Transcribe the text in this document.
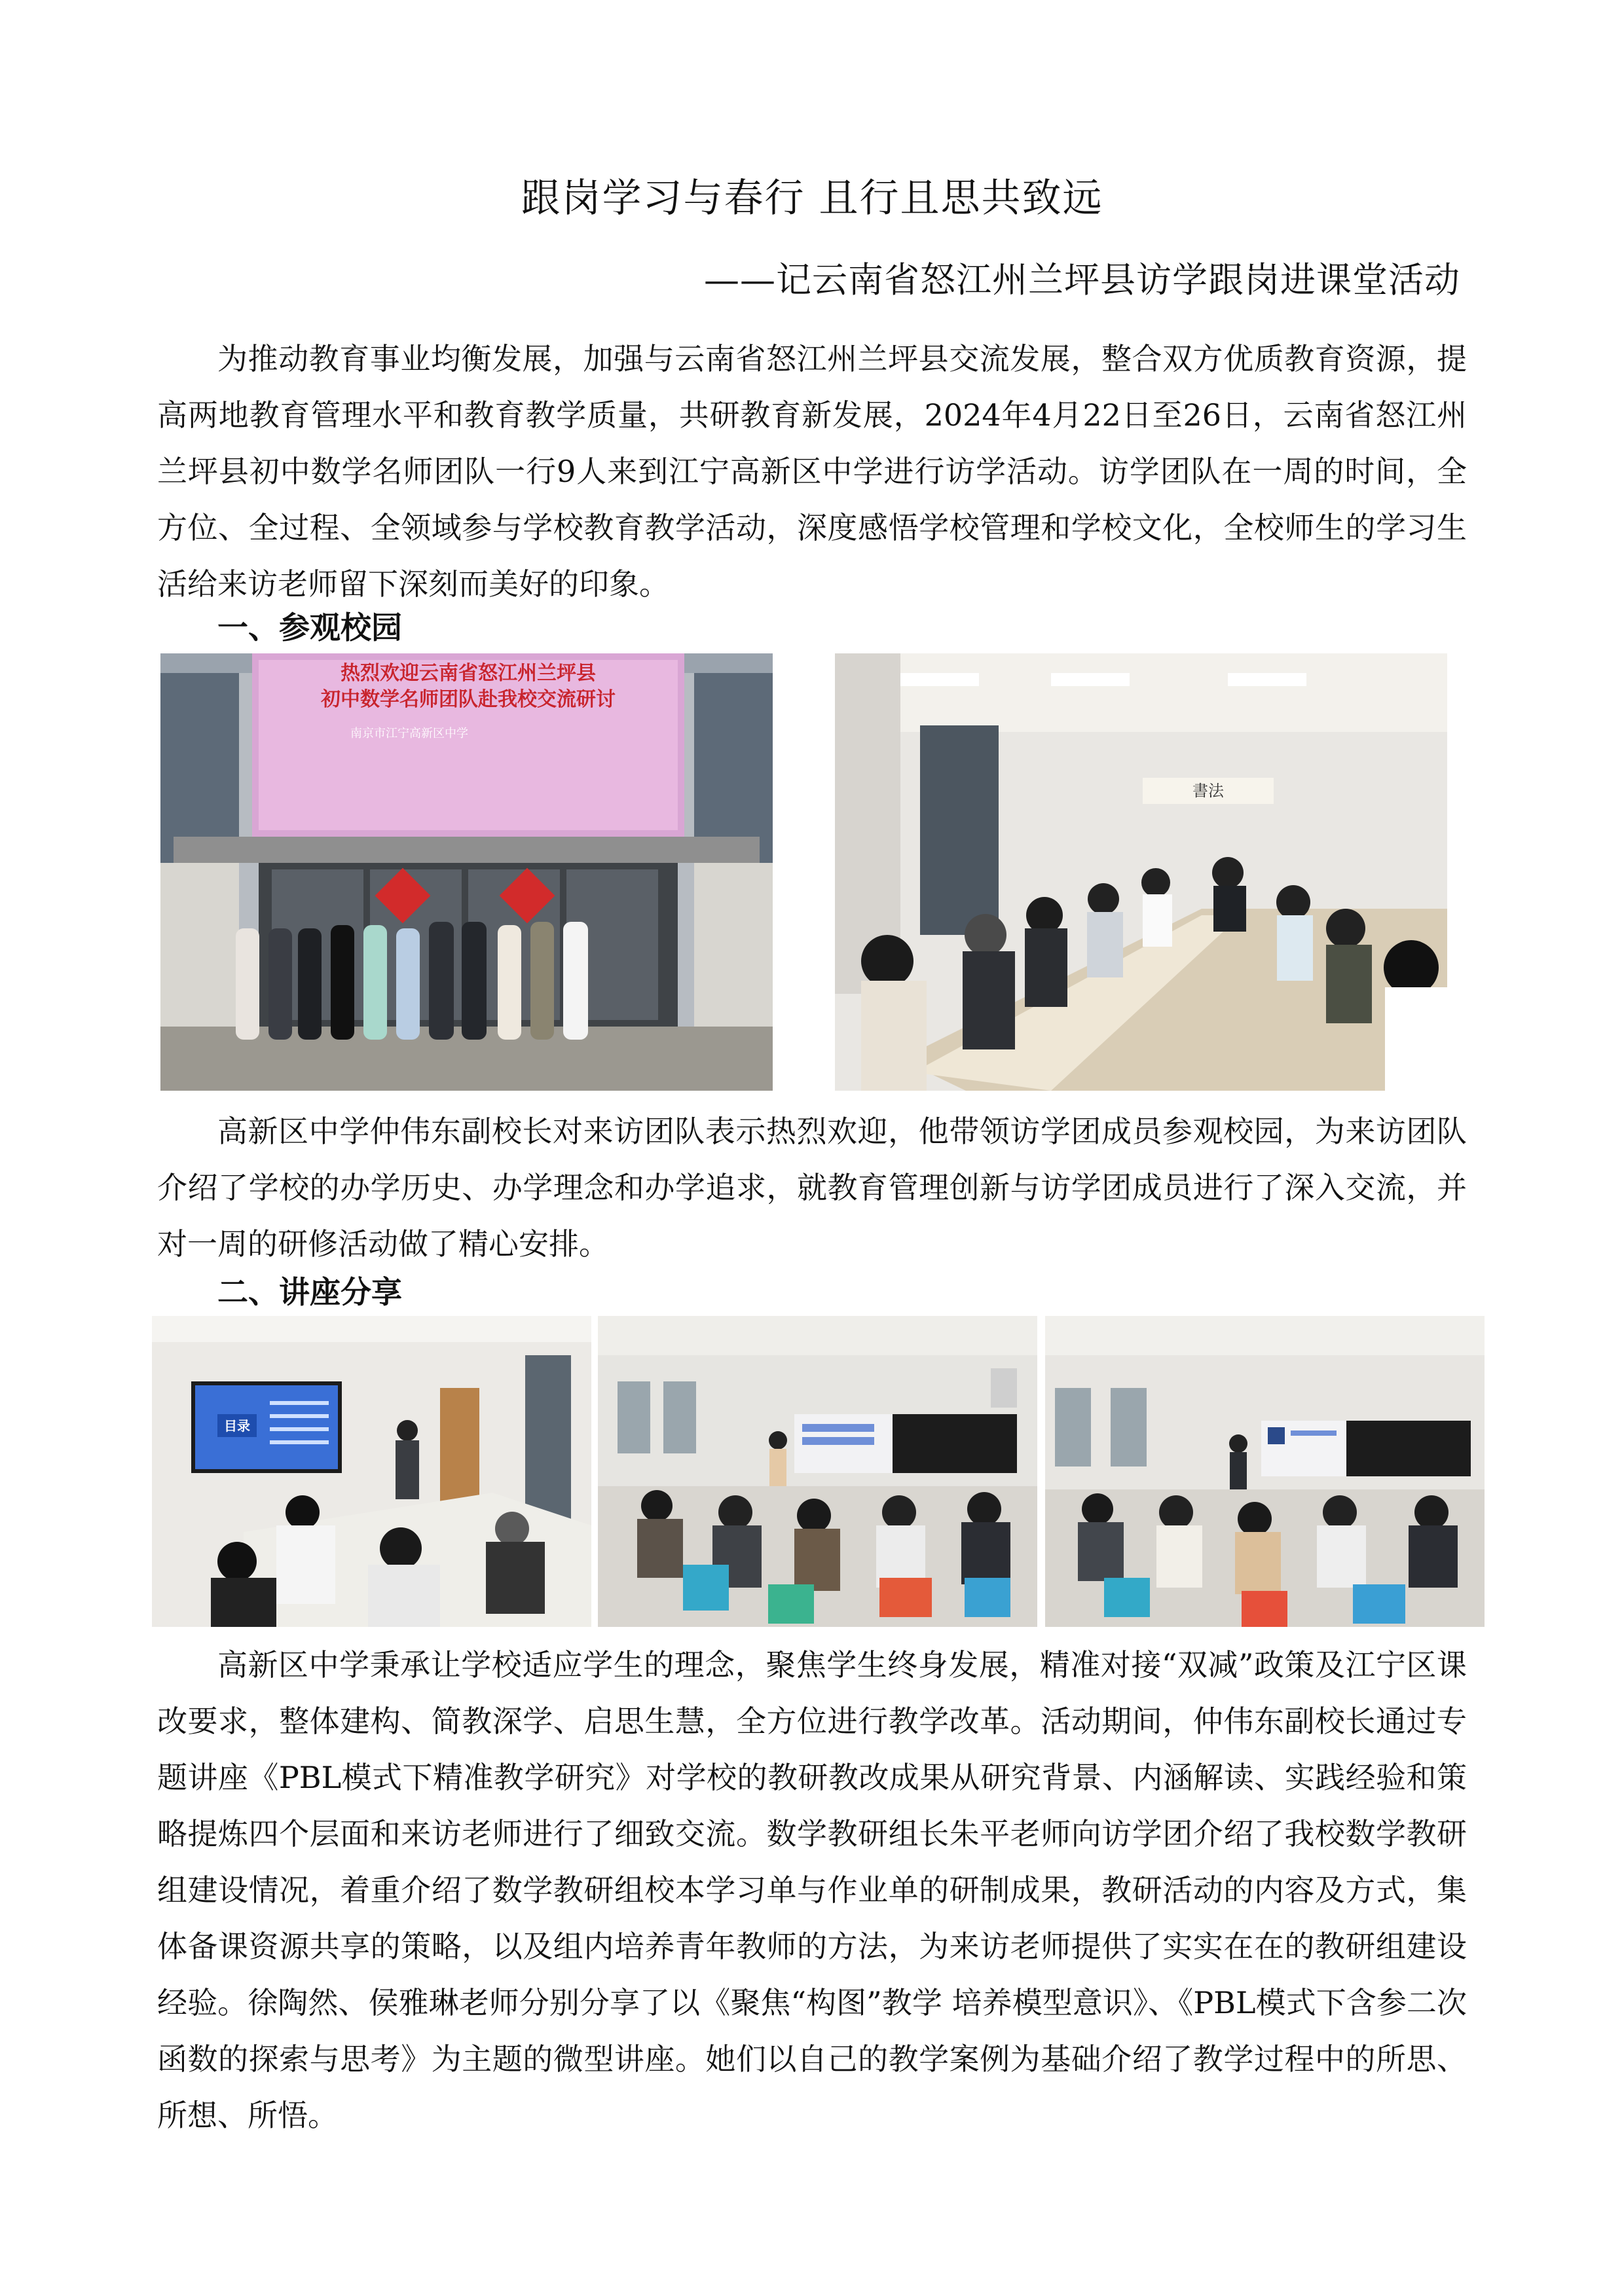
跟岗学习与春行 且行且思共致远
——记云南省怒江州兰坪县访学跟岗进课堂活动

为推动教育事业均衡发展，加强与云南省怒江州兰坪县交流发展，整合双方优质教育资源，提高两地教育管理水平和教育教学质量，共研教育新发展，2024年4月22日至26日，云南省怒江州兰坪县初中数学名师团队一行9人来到江宁高新区中学进行访学活动。访学团队在一周的时间，全方位、全过程、全领域参与学校教育教学活动，深度感悟学校管理和学校文化，全校师生的学习生活给来访老师留下深刻而美好的印象。

一、参观校园
热烈欢迎云南省怒江州兰坪县
初中数学名师团队赴我校交流研讨
南京市江宁高新区中学
書法

高新区中学仲伟东副校长对来访团队表示热烈欢迎，他带领访学团成员参观校园，为来访团队介绍了学校的办学历史、办学理念和办学追求，就教育管理创新与访学团成员进行了深入交流，并对一周的研修活动做了精心安排。

二、讲座分享
目录

高新区中学秉承让学校适应学生的理念，聚焦学生终身发展，精准对接“双减”政策及江宁区课改要求，整体建构、简教深学、启思生慧，全方位进行教学改革。活动期间，仲伟东副校长通过专题讲座《PBL模式下精准教学研究》对学校的教研教改成果从研究背景、内涵解读、实践经验和策略提炼四个层面和来访老师进行了细致交流。数学教研组长朱平老师向访学团介绍了我校数学教研组建设情况，着重介绍了数学教研组校本学习单与作业单的研制成果，教研活动的内容及方式，集体备课资源共享的策略，以及组内培养青年教师的方法，为来访老师提供了实实在在的教研组建设经验。徐陶然、侯雅琳老师分别分享了以《聚焦“构图”教学 培养模型意识》、《PBL模式下含参二次函数的探索与思考》为主题的微型讲座。她们以自己的教学案例为基础介绍了教学过程中的所思、所想、所悟。
